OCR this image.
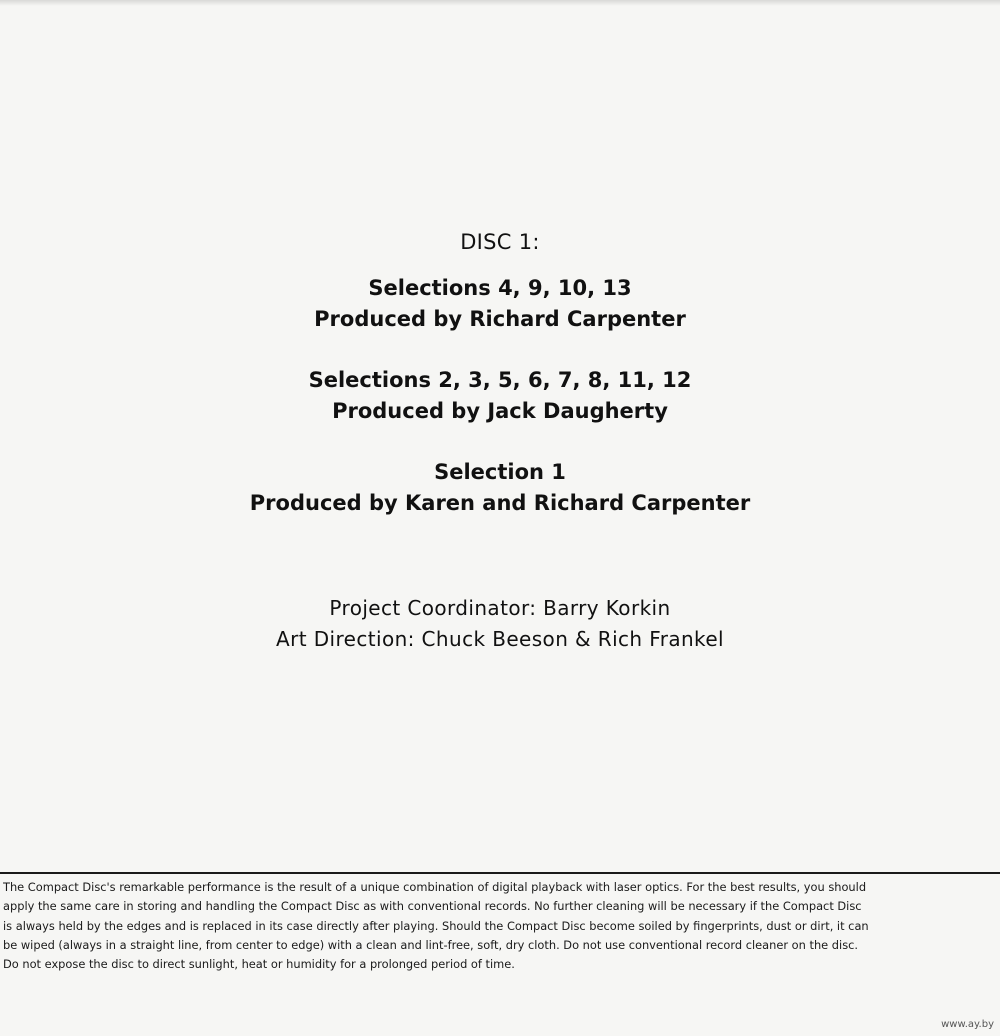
DISC 1:
Selections 4, 9, 10, 13
Produced by Richard Carpenter
Selections 2, 3, 5, 6, 7, 8, 11, 12
Produced by Jack Daugherty
Selection 1
Produced by Karen and Richard Carpenter
Project Coordinator: Barry Korkin
Art Direction: Chuck Beeson & Rich Frankel
The Compact Disc's remarkable performance is the result of a unique combination of digital playback with laser optics. For the best results, you should
apply the same care in storing and handling the Compact Disc as with conventional records. No further cleaning will be necessary if the Compact Disc
is always held by the edges and is replaced in its case directly after playing. Should the Compact Disc become soiled by fingerprints, dust or dirt, it can
be wiped (always in a straight line, from center to edge) with a clean and lint-free, soft, dry cloth. Do not use conventional record cleaner on the disc.
Do not expose the disc to direct sunlight, heat or humidity for a prolonged period of time.
www.ay.by
